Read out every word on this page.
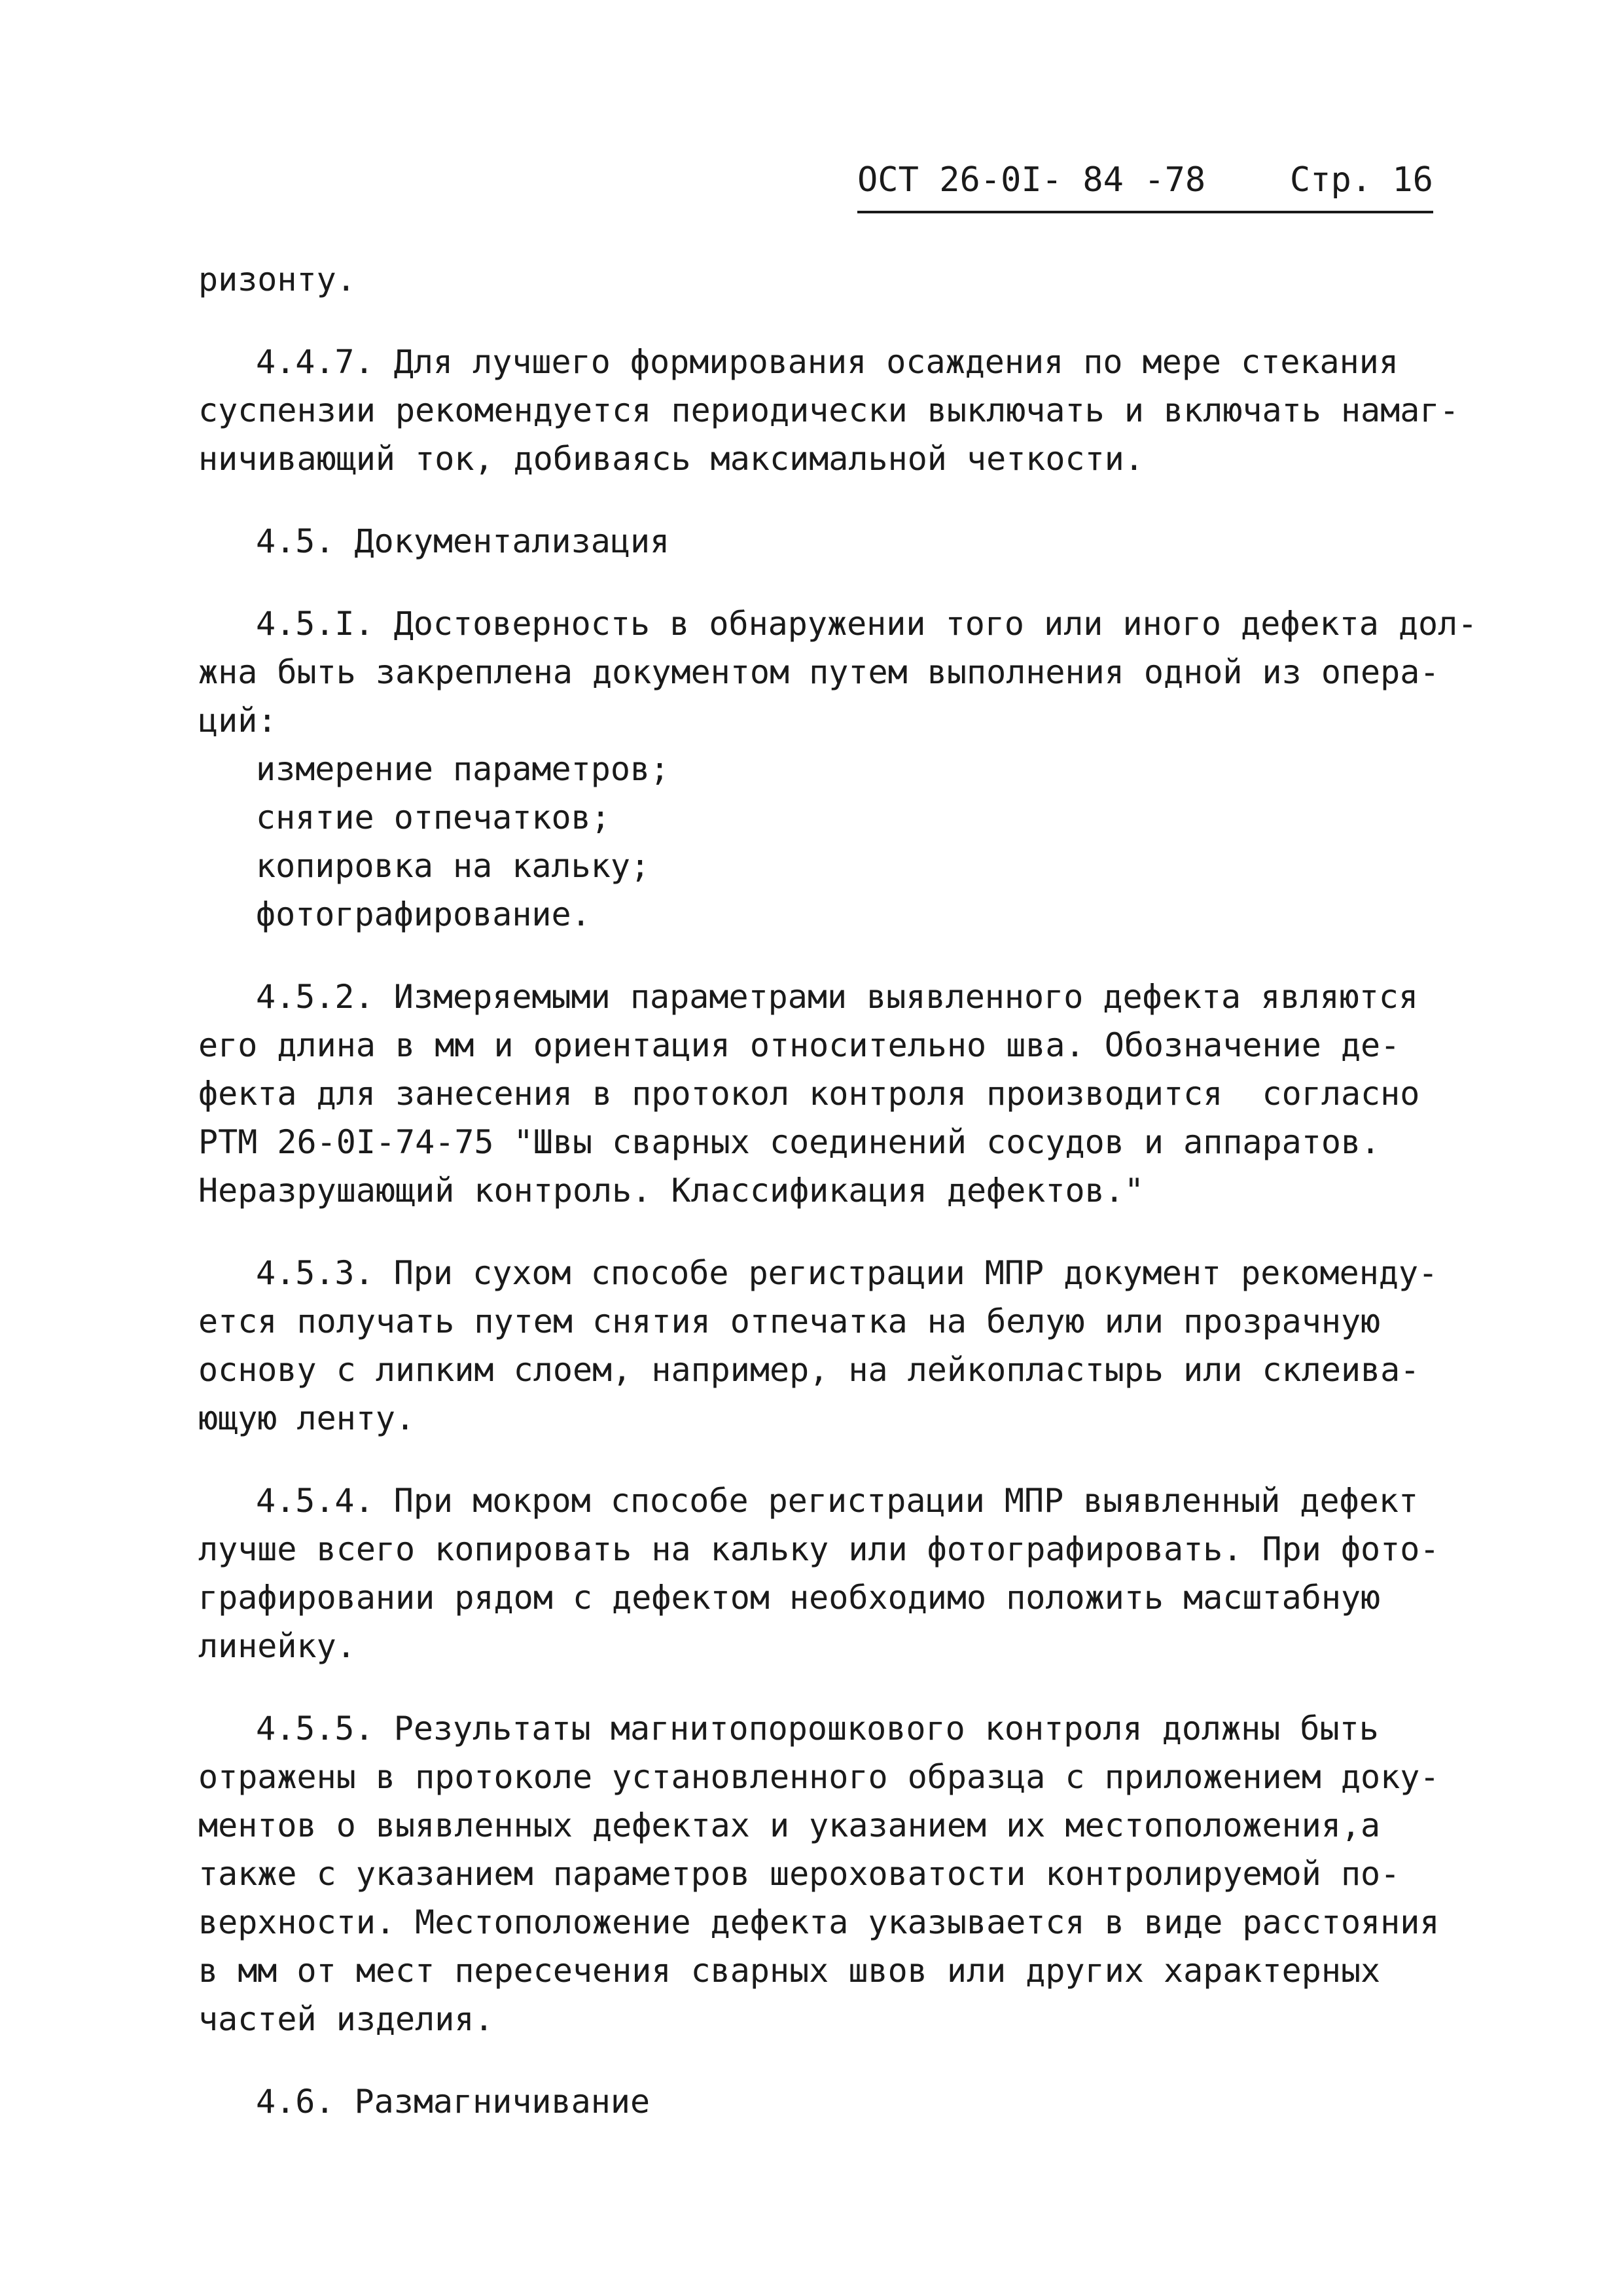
ОСТ 26-0I- 84 -78 Стр. 16
ризонту.
4.4.7. Для лучшего формирования осаждения по мере стекания
суспензии рекомендуется периодически выключать и включать намаг-
ничивающий ток, добиваясь максимальной четкости.
4.5. Документализация
4.5.I. Достоверность в обнаружении того или иного дефекта дол-
жна быть закреплена документом путем выполнения одной из опера-
ций:
измерение параметров;
снятие отпечатков;
копировка на кальку;
фотографирование.
4.5.2. Измеряемыми параметрами выявленного дефекта являются
его длина в мм и ориентация относительно шва. Обозначение де-
фекта для занесения в протокол контроля производится  согласно
РТМ 26-0I-74-75 "Швы сварных соединений сосудов и аппаратов.
Неразрушающий контроль. Классификация дефектов."
4.5.3. При сухом способе регистрации МПР документ рекоменду-
ется получать путем снятия отпечатка на белую или прозрачную
основу с липким слоем, например, на лейкопластырь или склеива-
ющую ленту.
4.5.4. При мокром способе регистрации МПР выявленный дефект
лучше всего копировать на кальку или фотографировать. При фото-
графировании рядом с дефектом необходимо положить масштабную
линейку.
4.5.5. Результаты магнитопорошкового контроля должны быть
отражены в протоколе установленного образца с приложением доку-
ментов о выявленных дефектах и указанием их местоположения,а
также с указанием параметров шероховатости контролируемой по-
верхности. Местоположение дефекта указывается в виде расстояния
в мм от мест пересечения сварных швов или других характерных
частей изделия.
4.6. Размагничивание
